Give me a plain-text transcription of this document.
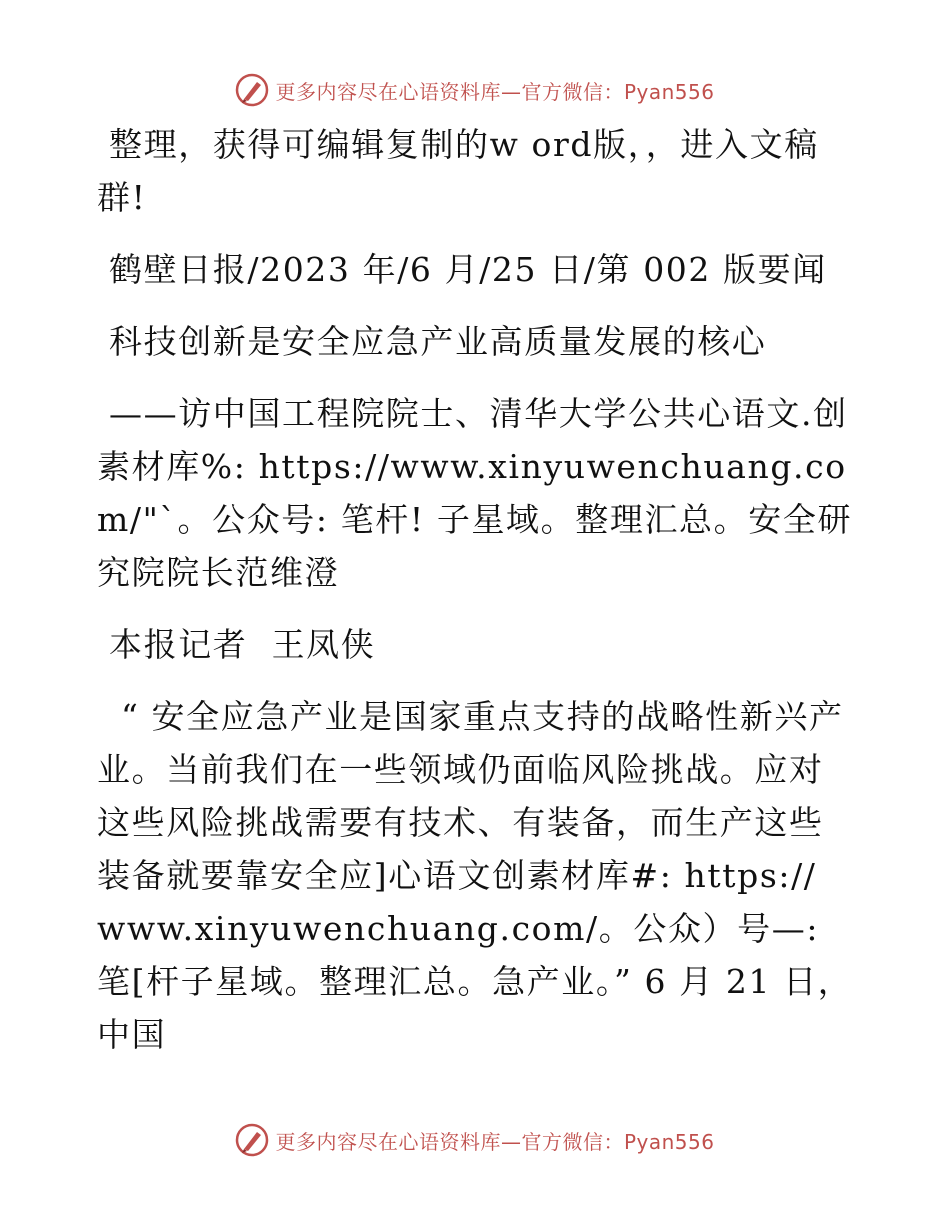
更多内容尽在心语资料库—官方微信：Pyan556

整理，获得可编辑复制的w ord版，，进入文稿群!

鹤壁日报/2023 年/6 月/25 日/第 002 版要闻

科技创新是安全应急产业高质量发展的核心

——访中国工程院院士、清华大学公共心语文.创素材库%: https://www.xinyuwenchuang.com/"`。公众号: 笔杆! 子星域。整理汇总。安全研究院院长范维澄

本报记者  王凤侠

“ 安全应急产业是国家重点支持的战略性新兴产业。当前我们在一些领域仍面临风险挑战。应对这些风险挑战需要有技术、有装备，而生产这些装备就要靠安全应]心语文创素材库#: https:// www.xinyuwenchuang.com/。公众）号—: 笔[杆子星域。整理汇总。急产业。” 6 月 21 日，中国

更多内容尽在心语资料库—官方微信：Pyan556
